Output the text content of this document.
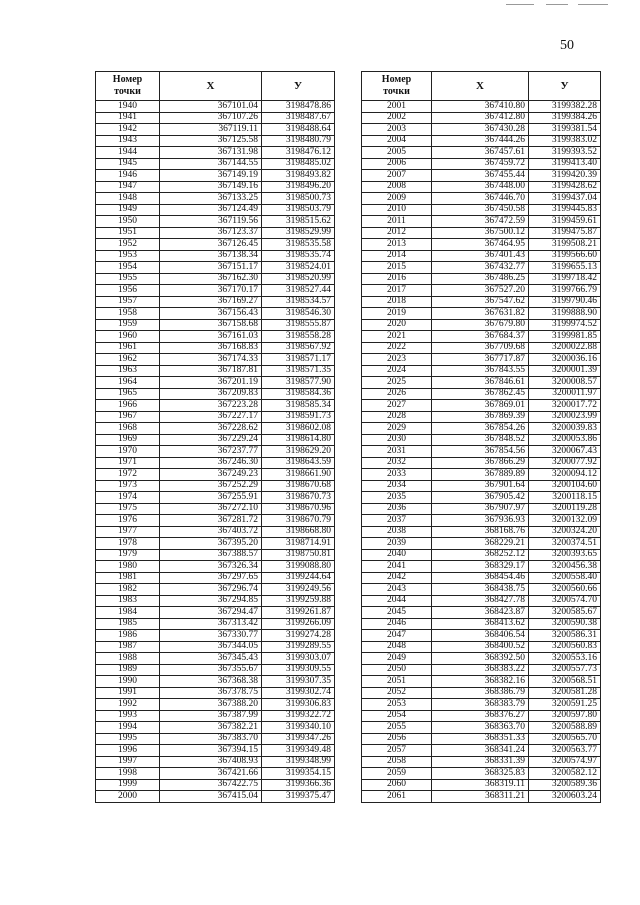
50
Номер
точки	X	У
1940	367101.04	3198478.86
1941	367107.26	3198487.67
1942	367119.11	3198488.64
1943	367125.58	3198480.79
1944	367131.98	3198476.12
1945	367144.55	3198485.02
1946	367149.19	3198493.82
1947	367149.16	3198496.20
1948	367133.25	3198500.73
1949	367124.49	3198503.79
1950	367119.56	3198515.62
1951	367123.37	3198529.99
1952	367126.45	3198535.58
1953	367138.34	3198535.74
1954	367151.17	3198524.01
1955	367162.30	3198520.99
1956	367170.17	3198527.44
1957	367169.27	3198534.57
1958	367156.43	3198546.30
1959	367158.68	3198555.87
1960	367161.03	3198558.28
1961	367168.83	3198567.92
1962	367174.33	3198571.17
1963	367187.81	3198571.35
1964	367201.19	3198577.90
1965	367209.83	3198584.36
1966	367223.28	3198585.34
1967	367227.17	3198591.73
1968	367228.62	3198602.08
1969	367229.24	3198614.80
1970	367237.77	3198629.20
1971	367246.30	3198643.59
1972	367249.23	3198661.90
1973	367252.29	3198670.68
1974	367255.91	3198670.73
1975	367272.10	3198670.96
1976	367281.72	3198670.79
1977	367403.72	3198668.80
1978	367395.20	3198714.91
1979	367388.57	3198750.81
1980	367326.34	3199088.80
1981	367297.65	3199244.64
1982	367296.74	3199249.56
1983	367294.85	3199259.88
1984	367294.47	3199261.87
1985	367313.42	3199266.09
1986	367330.77	3199274.28
1987	367344.05	3199289.55
1988	367345.43	3199303.07
1989	367355.67	3199309.55
1990	367368.38	3199307.35
1991	367378.75	3199302.74
1992	367388.20	3199306.83
1993	367387.99	3199322.72
1994	367382.21	3199340.10
1995	367383.70	3199347.26
1996	367394.15	3199349.48
1997	367408.93	3199348.99
1998	367421.66	3199354.15
1999	367422.75	3199366.36
2000	367415.04	3199375.47
Номер
точки	X	У
2001	367410.80	3199382.28
2002	367412.80	3199384.26
2003	367430.28	3199381.54
2004	367444.26	3199383.02
2005	367457.61	3199393.52
2006	367459.72	3199413.40
2007	367455.44	3199420.39
2008	367448.00	3199428.62
2009	367446.70	3199437.04
2010	367450.58	3199445.83
2011	367472.59	3199459.61
2012	367500.12	3199475.87
2013	367464.95	3199508.21
2014	367401.43	3199566.60
2015	367432.77	3199655.13
2016	367486.25	3199718.42
2017	367527.20	3199766.79
2018	367547.62	3199790.46
2019	367631.82	3199888.90
2020	367679.80	3199974.52
2021	367684.37	3199981.85
2022	367709.68	3200022.88
2023	367717.87	3200036.16
2024	367843.55	3200001.39
2025	367846.61	3200008.57
2026	367862.45	3200011.97
2027	367869.01	3200017.72
2028	367869.39	3200023.99
2029	367854.26	3200039.83
2030	367848.52	3200053.86
2031	367854.56	3200067.43
2032	367866.29	3200077.92
2033	367889.89	3200094.12
2034	367901.64	3200104.60
2035	367905.42	3200118.15
2036	367907.97	3200119.28
2037	367936.93	3200132.09
2038	368168.76	3200324.20
2039	368229.21	3200374.51
2040	368252.12	3200393.65
2041	368329.17	3200456.38
2042	368454.46	3200558.40
2043	368438.75	3200560.66
2044	368427.78	3200574.70
2045	368423.87	3200585.67
2046	368413.62	3200590.38
2047	368406.54	3200586.31
2048	368400.52	3200560.83
2049	368392.50	3200553.16
2050	368383.22	3200557.73
2051	368382.16	3200568.51
2052	368386.79	3200581.28
2053	368383.79	3200591.25
2054	368376.27	3200597.80
2055	368363.70	3200588.89
2056	368351.33	3200565.70
2057	368341.24	3200563.77
2058	368331.39	3200574.97
2059	368325.83	3200582.12
2060	368319.11	3200589.36
2061	368311.21	3200603.24
